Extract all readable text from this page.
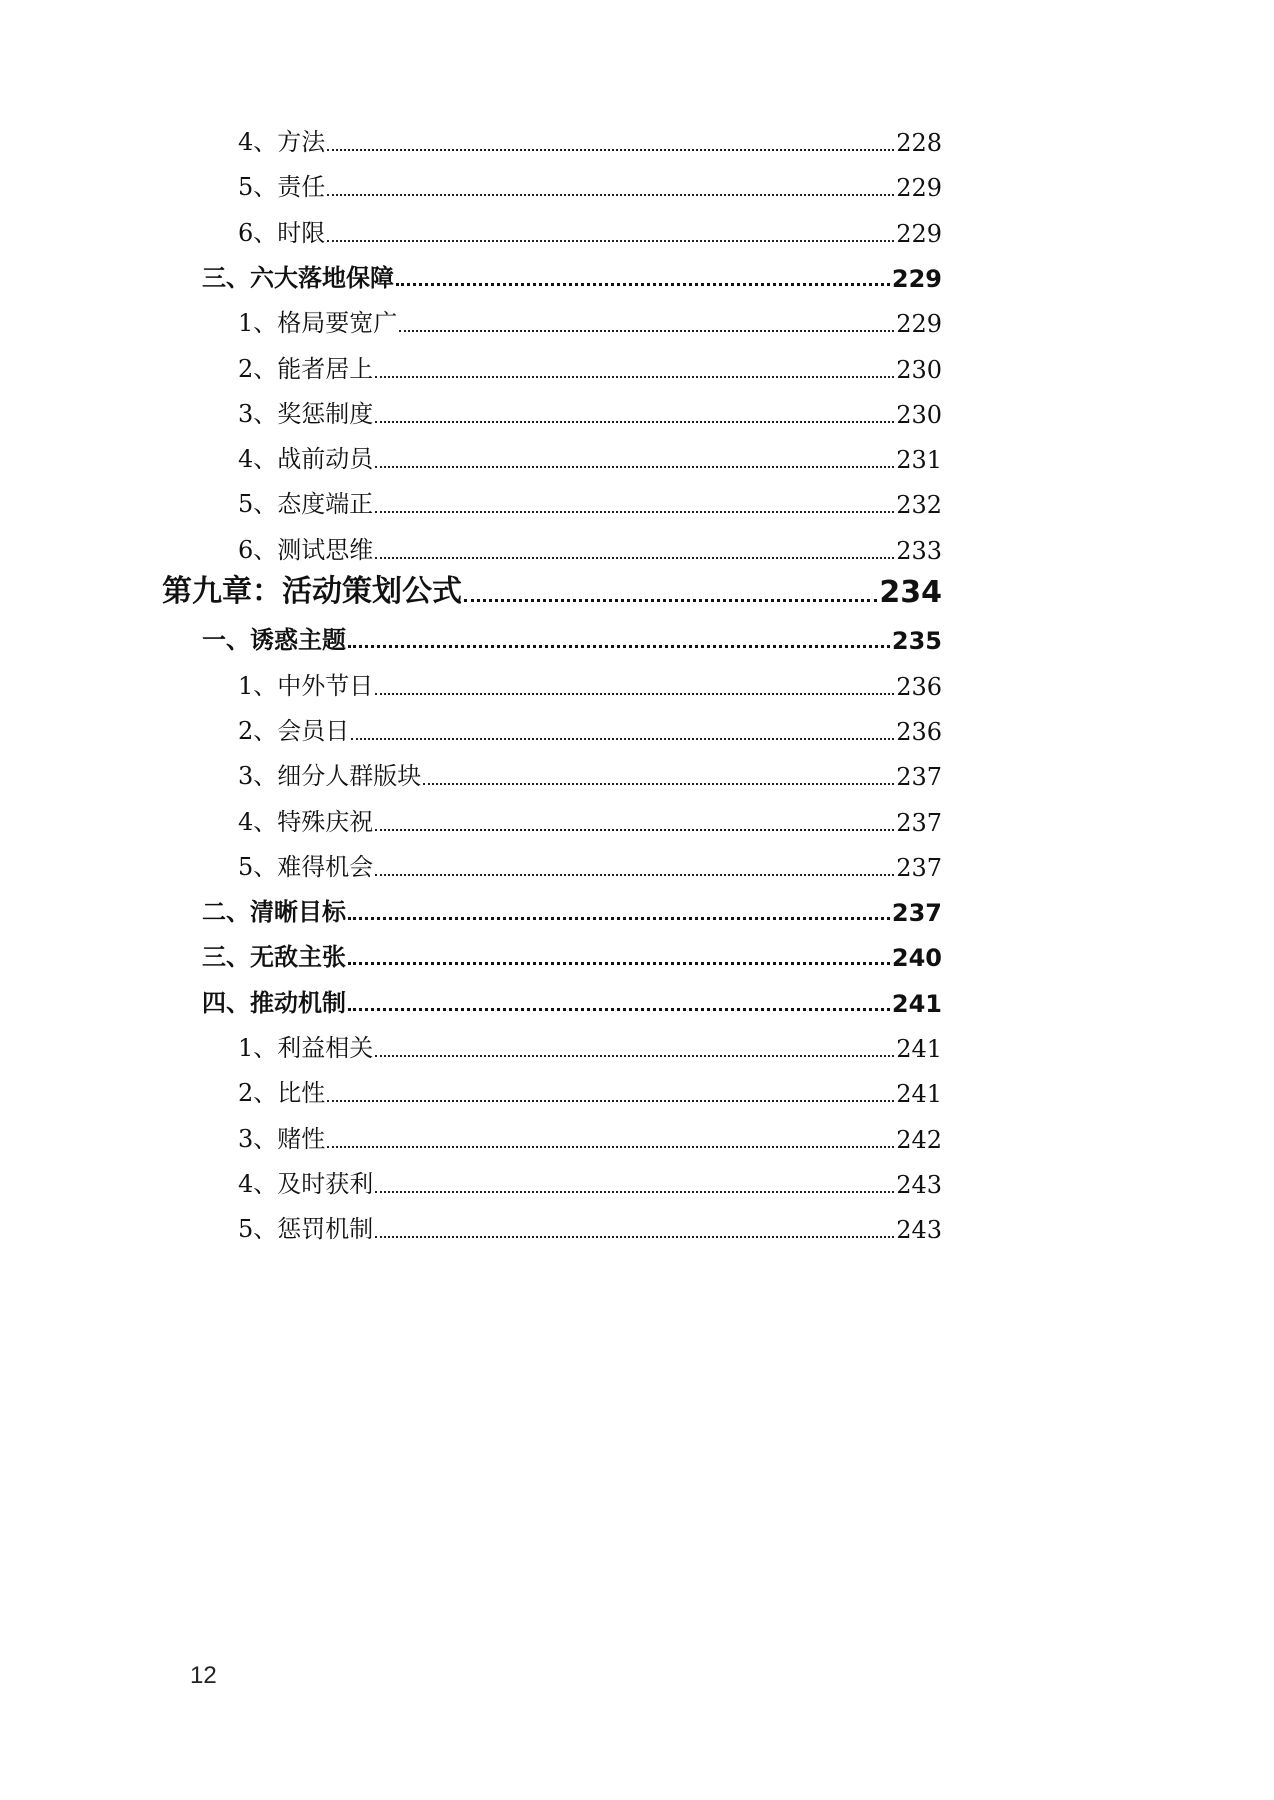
4、方法	228
5、责任	229
6、时限	229
三、六大落地保障	229
1、格局要宽广	229
2、能者居上	230
3、奖惩制度	230
4、战前动员	231
5、态度端正	232
6、测试思维	233
第九章：活动策划公式	234
一、诱惑主题	235
1、中外节日	236
2、会员日	236
3、细分人群版块	237
4、特殊庆祝	237
5、难得机会	237
二、清晰目标	237
三、无敌主张	240
四、推动机制	241
1、利益相关	241
2、比性	241
3、赌性	242
4、及时获利	243
5、惩罚机制	243
12
